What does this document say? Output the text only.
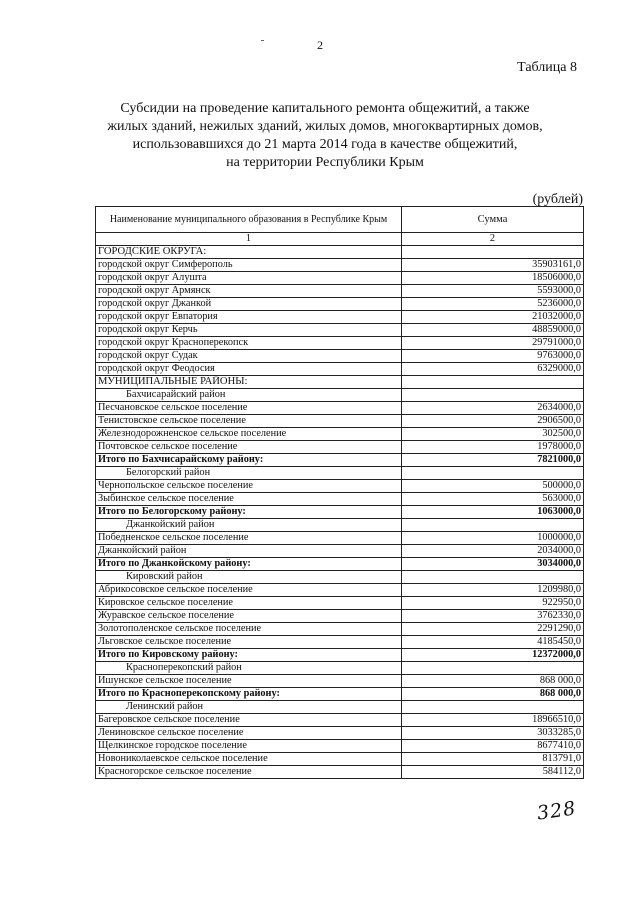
2
Таблица 8
Субсидии на проведение капитального ремонта общежитий, а также
жилых зданий, нежилых зданий, жилых домов, многоквартирных домов,
использовавшихся до 21 марта 2014 года в качестве общежитий,
на территории Республики Крым
(рублей)
Наименование муниципального образования в Республике Крым	Сумма
1	2
ГОРОДСКИЕ ОКРУГА:	
городской округ Симферополь	35903161,0
городской округ Алушта	18506000,0
городской округ Армянск	5593000,0
городской округ Джанкой	5236000,0
городской округ Евпатория	21032000,0
городской округ Керчь	48859000,0
городской округ Красноперекопск	29791000,0
городской округ Судак	9763000,0
городской округ Феодосия	6329000,0
МУНИЦИПАЛЬНЫЕ РАЙОНЫ:	
Бахчисарайский район	
Песчановское сельское поселение	2634000,0
Тенистовское сельское поселение	2906500,0
Железнодорожненское сельское поселение	302500,0
Почтовское сельское поселение	1978000,0
Итого по Бахчисарайскому району:	7821000,0
Белогорский район	
Чернопольское сельское поселение	500000,0
Зыбинское сельское поселение	563000,0
Итого по Белогорскому району:	1063000,0
Джанкойский район	
Победненское сельское поселение	1000000,0
Джанкойский район	2034000,0
Итого по Джанкойскому району:	3034000,0
Кировский район	
Абрикосовское сельское поселение	1209980,0
Кировское сельское поселение	922950,0
Журавское сельское поселение	3762330,0
Золотополенское сельское поселение	2291290,0
Льговское сельское поселение	4185450,0
Итого по Кировскому району:	12372000,0
Красноперекопский район	
Ишунское сельское поселение	868 000,0
Итого по Красноперекопскому району:	868 000,0
Ленинский район	
Багеровское сельское поселение	18966510,0
Лениновское сельское поселение	3033285,0
Щелкинское городское поселение	8677410,0
Новониколаевское сельское поселение	813791,0
Красногорское сельское поселение	584112,0
328
